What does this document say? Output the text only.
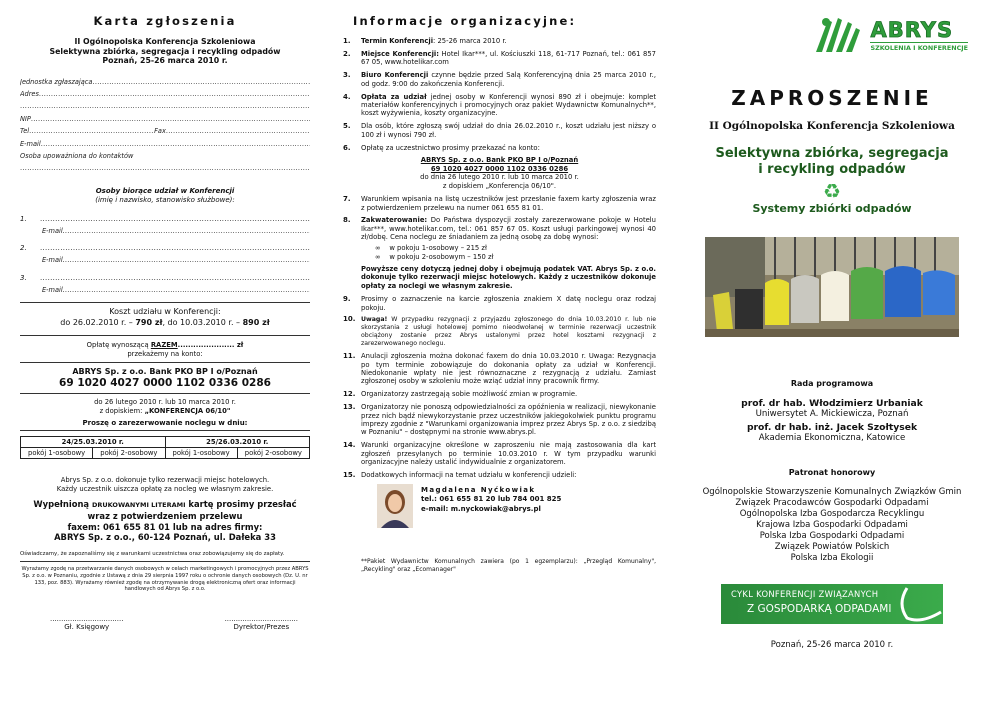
Karta zgłoszenia
II Ogólnopolska Konferencja Szkoleniowa
Selektywna zbiórka, segregacja i recykling odpadów
Poznań, 25-26 marca 2010 r.
Jednostka zgłaszająca
.....
Adres
.....
.....
NIP
.....
Tel .....	Fax
.....
E-mail
.....
Osoba upoważniona do kontaktów
.....
Osoby biorące udział w Konferencji
(imię i nazwisko, stanowisko służbowe):
1.
.....
E-mail
.....
2.
.....
E-mail
.....
3.
.....
E-mail
.....
Koszt udziału w Konferencji:
do 26.02.2010 r. – 790 zł, do 10.03.2010 r. – 890 zł
Opłatę wynoszącą RAZEM...................... zł
przekażemy na konto:
ABRYS Sp. z o.o. Bank PKO BP I o/Poznań
69 1020 4027 0000 1102 0336 0286
do 26 lutego 2010 r. lub 10 marca 2010 r.
z dopiskiem: „KONFERENCJA 06/10"
Proszę o zarezerwowanie noclegu w dniu:
24/25.03.2010 r.		25/26.03.2010 r.	
pokój 1-osobowy	pokój 2-osobowy	pokój 1-osobowy	pokój 2-osobowy
Abrys Sp. z o.o. dokonuje tylko rezerwacji miejsc hotelowych.
Każdy uczestnik uiszcza opłatę za nocleg we własnym zakresie.
Wypełnioną DRUKOWANYMI LITERAMI kartę prosimy przesłać
wraz z potwierdzeniem przelewu
faxem: 061 655 81 01 lub na adres firmy:
ABRYS Sp. z o.o., 60-124 Poznań, ul. Dałeka 33
Oświadczamy, że zapoznaliśmy się z warunkami uczestnictwa oraz zobowiązujemy się do zapłaty.
Wyrażamy zgodę na przetwarzanie danych osobowych w celach marketingowych i promocyjnych przez ABRYS Sp. z o.o. w Poznaniu, zgodnie z Ustawą z dnia 29 sierpnia 1997 roku o ochronie danych osobowych (Dz. U. nr 133, poz. 883). Wyrażamy również zgodę na otrzymywanie drogą elektroniczną ofert oraz informacji handlowych od Abrys Sp. z o.o.
.................................
Gł. Księgowy
.................................
Dyrektor/Prezes
Informacje organizacyjne:
1.	Termin Konferencji: 25-26 marca 2010 r.
2.	Miejsce Konferencji: Hotel Ikar***, ul. Kościuszki 118, 61-717 Poznań, tel.: 061 857 67 05, www.hotelikar.com
3.	Biuro Konferencji czynne będzie przed Salą Konferencyjną dnia 25 marca 2010 r., od godz. 9:00 do zakończenia Konferencji.
4.	Opłata za udział jednej osoby w Konferencji wynosi 890 zł i obejmuje: komplet materiałów konferencyjnych i promocyjnych oraz pakiet Wydawnictw Komunalnych**, koszt wyżywienia, koszty organizacyjne.
5.	Dla osób, które zgłoszą swój udział do dnia 26.02.2010 r., koszt udziału jest niższy o 100 zł i wynosi 790 zł.
6.	Opłatę za uczestnictwo prosimy przekazać na konto:
ABRYS Sp. z o.o. Bank PKO BP I o/Poznań
69 1020 4027 0000 1102 0336 0286
do dnia 26 lutego 2010 r. lub 10 marca 2010 r.
z dopiskiem „Konferencja 06/10".
7.	Warunkiem wpisania na listę uczestników jest przesłanie faxem karty zgłoszenia wraz z potwierdzeniem przelewu na numer 061 655 81 01.
8.	Zakwaterowanie: Do Państwa dyspozycji zostały zarezerwowane pokoje w Hotelu Ikar***, www.hotelikar.com, tel.: 061 857 67 05. Koszt usługi parkingowej wynosi 40 zł/dobę. Cena noclegu ze śniadaniem za jedną osobę za dobę wynosi:
∞    w pokoju 1-osobowy – 215 zł
∞    w pokoju 2-osobowym – 150 zł
Powyższe ceny dotyczą jednej doby i obejmują podatek VAT. Abrys Sp. z o.o. dokonuje tylko rezerwacji miejsc hotelowych. Każdy z uczestników dokonuje opłaty za noclegi we własnym zakresie.
9.	Prosimy o zaznaczenie na karcie zgłoszenia znakiem X datę noclegu oraz rodzaj pokoju.
10. Uwaga! W przypadku rezygnacji z przyjazdu zgłoszonego do dnia 10.03.2010 r. lub nie skorzystania z usługi hotelowej pomimo nieodwołanej w terminie rezerwacji uczestnik obciążony zostanie przez Abrys ustalonymi przez hotel kosztami rezygnacji z zarezerwowanego noclegu.
11. Anulacji zgłoszenia można dokonać faxem do dnia 10.03.2010 r. Uwaga: Rezygnacja po tym terminie zobowiązuje do dokonania opłaty za udział w Konferencji. Niedokonanie wpłaty nie jest równoznaczne z rezygnacją z udziału. Zamiast zgłoszonej osoby w szkoleniu może wziąć udział inny pracownik firmy.
12. Organizatorzy zastrzegają sobie możliwość zmian w programie.
13. Organizatorzy nie ponoszą odpowiedzialności za opóźnienia w realizacji, niewykonanie przez nich bądź niewykorzystanie przez uczestników jakiegokolwiek punktu programu imprezy zgodnie z "Warunkami organizowania imprez przez Abrys Sp. z o.o. z siedzibą w Poznaniu" – dostępnymi na stronie www.abrys.pl.
14. Warunki organizacyjne określone w zaproszeniu nie mają zastosowania dla kart zgłoszeń przesyłanych po terminie 10.03.2010 r. W tym przypadku warunki organizacyjne należy ustalić indywidualnie z organizatorem.
15. Dodatkowych informacji na temat udziału w konferencji udzieli:
Magdalena Nyćkowiak
tel.: 061 655 81 20 lub 784 001 825
e-mail: m.nyckowiak@abrys.pl
**Pakiet Wydawnictw Komunalnych zawiera (po 1 egzemplarzu): „Przegląd Komunalny", „Recykling" oraz „Ecomanager"
ABRYS
SZKOLENIA I KONFERENCJE
ZAPROSZENIE
II Ogólnopolska Konferencja Szkoleniowa
Selektywna zbiórka, segregacja
i recykling odpadów
♻
Systemy zbiórki odpadów
Rada programowa
prof. dr hab. Włodzimierz Urbaniak
Uniwersytet A. Mickiewicza, Poznań
prof. dr hab. inż. Jacek Szołtysek
Akademia Ekonomiczna, Katowice
Patronat honorowy
Ogólnopolskie Stowarzyszenie Komunalnych Związków Gmin
Związek Pracodawców Gospodarki Odpadami
Ogólnopolska Izba Gospodarcza Recyklingu
Krajowa Izba Gospodarki Odpadami
Polska Izba Gospodarki Odpadami
Związek Powiatów Polskich
Polska Izba Ekologii
CYKL KONFERENCJI ZWIĄZANYCH
Z GOSPODARKĄ ODPADAMI
Poznań, 25-26 marca 2010 r.
